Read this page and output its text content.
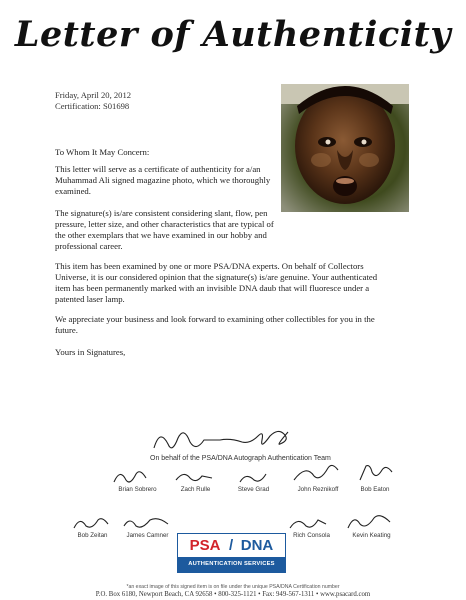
Letter of Authenticity
Friday, April 20, 2012
Certification: S01698
To Whom It May Concern:
This letter will serve as a certificate of authenticity for a/an
Muhammad Ali signed magazine photo, which we thoroughly
examined.
The signature(s) is/are consistent considering slant, flow, pen
pressure, letter size, and other characteristics that are typical of
the other exemplars that we have examined in our hobby and
professional career.
This item has been examined by one or more PSA/DNA experts. On behalf of Collectors
Universe, it is our considered opinion that the signature(s) is/are genuine. Your authenticated
item has been permanently marked with an invisible DNA daub that will fluoresce under a
patented laser lamp.
We appreciate your business and look forward to examining other collectibles for you in the
future.
Yours in Signatures,
On behalf of the PSA/DNA Autograph Authentication Team
Brian Sobrero	Zach Rulle	Steve Grad	John Reznikoff	Bob Eaton
Bob Zeitan	James Camner	Rich Consola	Kevin Keating
PSA / DNA
AUTHENTICATION SERVICES
*an exact image of this signed item is on file under the unique PSA/DNA Certification number
P.O. Box 6180, Newport Beach, CA 92658 • 800-325-1121 • Fax: 949-567-1311 • www.psacard.com
